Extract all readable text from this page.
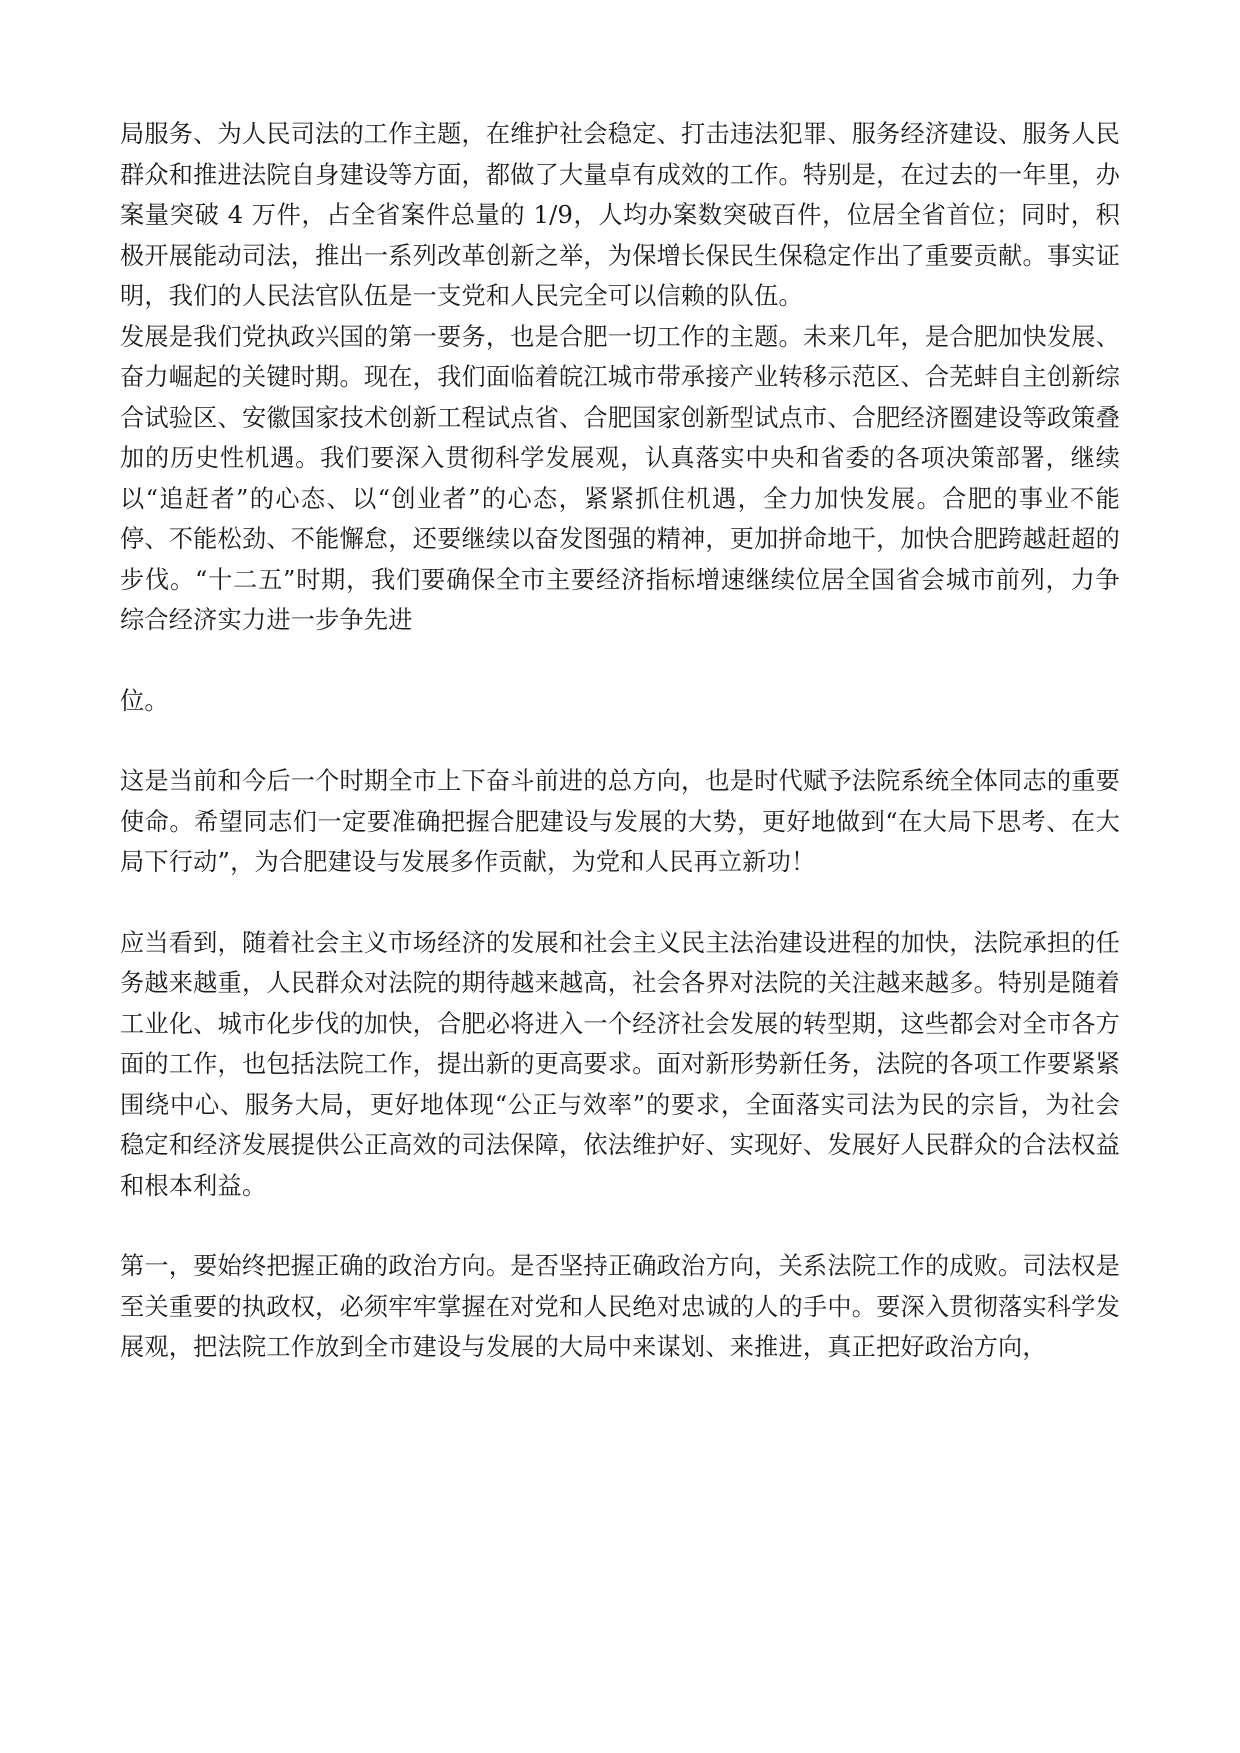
局服务、为人民司法的工作主题，在维护社会稳定、打击违法犯罪、服务经济建设、服务人民群众和推进法院自身建设等方面，都做了大量卓有成效的工作。特别是，在过去的一年里，办案量突破 4 万件，占全省案件总量的 1/9，人均办案数突破百件，位居全省首位；同时，积极开展能动司法，推出一系列改革创新之举，为保增长保民生保稳定作出了重要贡献。事实证明，我们的人民法官队伍是一支党和人民完全可以信赖的队伍。

发展是我们党执政兴国的第一要务，也是合肥一切工作的主题。未来几年，是合肥加快发展、奋力崛起的关键时期。现在，我们面临着皖江城市带承接产业转移示范区、合芜蚌自主创新综合试验区、安徽国家技术创新工程试点省、合肥国家创新型试点市、合肥经济圈建设等政策叠加的历史性机遇。我们要深入贯彻科学发展观，认真落实中央和省委的各项决策部署，继续以“追赶者”的心态、以“创业者”的心态，紧紧抓住机遇，全力加快发展。合肥的事业不能停、不能松劲、不能懈怠，还要继续以奋发图强的精神，更加拼命地干，加快合肥跨越赶超的步伐。“十二五”时期，我们要确保全市主要经济指标增速继续位居全国省会城市前列，力争综合经济实力进一步争先进

位。

这是当前和今后一个时期全市上下奋斗前进的总方向，也是时代赋予法院系统全体同志的重要使命。希望同志们一定要准确把握合肥建设与发展的大势，更好地做到“在大局下思考、在大局下行动”，为合肥建设与发展多作贡献，为党和人民再立新功！

应当看到，随着社会主义市场经济的发展和社会主义民主法治建设进程的加快，法院承担的任务越来越重，人民群众对法院的期待越来越高，社会各界对法院的关注越来越多。特别是随着工业化、城市化步伐的加快，合肥必将进入一个经济社会发展的转型期，这些都会对全市各方面的工作，也包括法院工作，提出新的更高要求。面对新形势新任务，法院的各项工作要紧紧围绕中心、服务大局，更好地体现“公正与效率”的要求，全面落实司法为民的宗旨，为社会稳定和经济发展提供公正高效的司法保障，依法维护好、实现好、发展好人民群众的合法权益和根本利益。

第一，要始终把握正确的政治方向。是否坚持正确政治方向，关系法院工作的成败。司法权是至关重要的执政权，必须牢牢掌握在对党和人民绝对忠诚的人的手中。要深入贯彻落实科学发展观，把法院工作放到全市建设与发展的大局中来谋划、来推进，真正把好政治方向，
